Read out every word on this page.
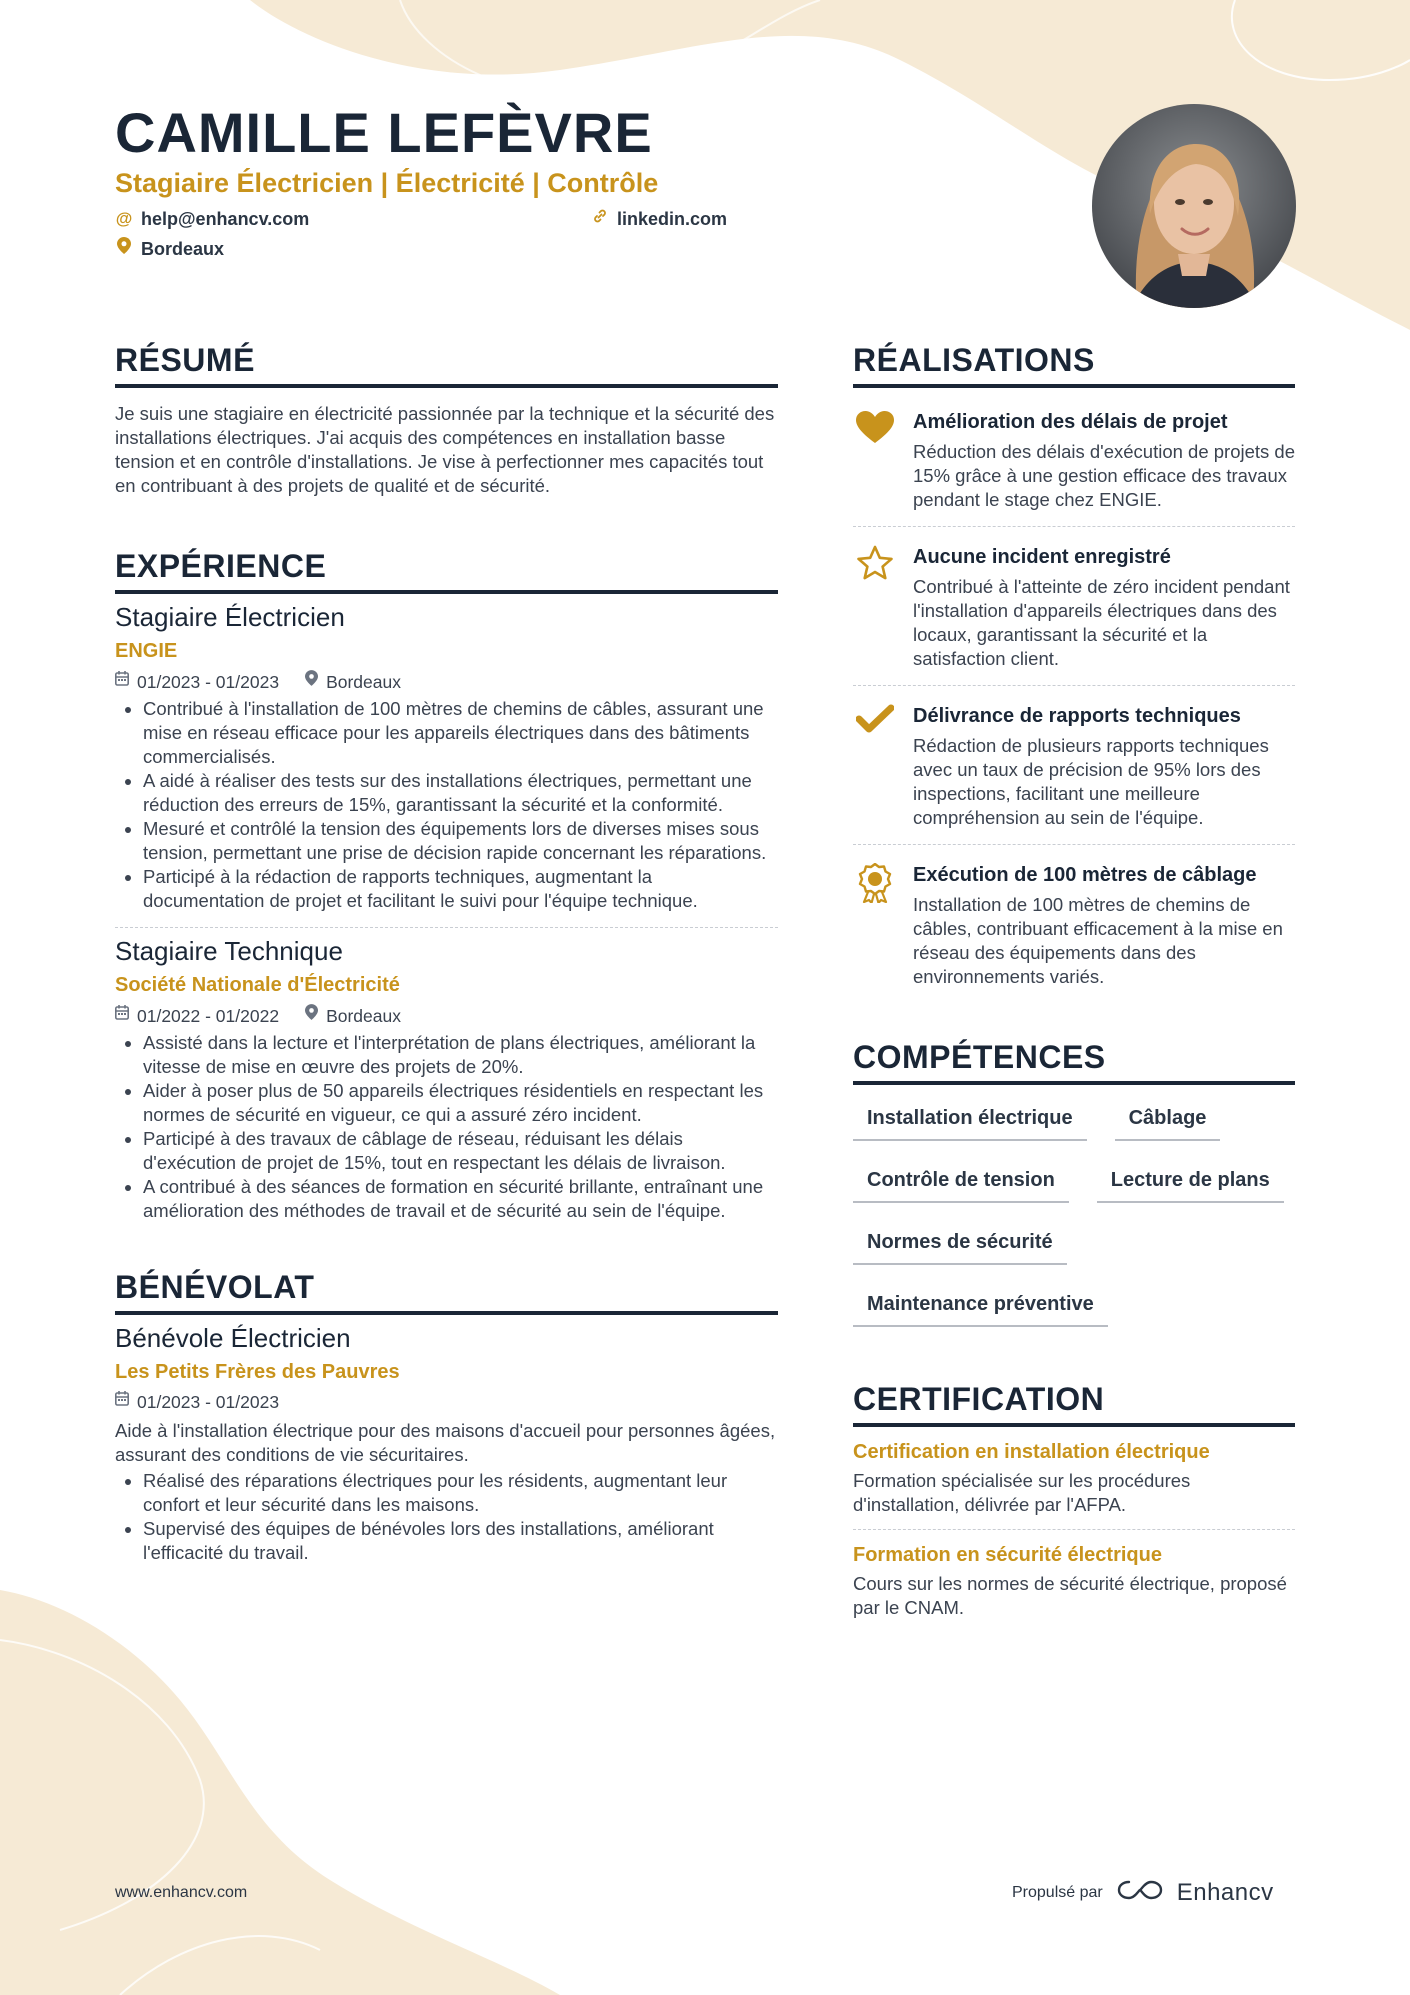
CAMILLE LEFÈVRE
Stagiaire Électricien | Électricité | Contrôle
@ help@enhancv.com	linkedin.com
Bordeaux
RÉSUMÉ

Je suis une stagiaire en électricité passionnée par la technique et la sécurité des installations électriques. J'ai acquis des compétences en installation basse tension et en contrôle d'installations. Je vise à perfectionner mes capacités tout en contribuant à des projets de qualité et de sécurité.

EXPÉRIENCE
Stagiaire Électricien
ENGIE
01/2023 - 01/2023	Bordeaux
• Contribué à l'installation de 100 mètres de chemins de câbles, assurant une mise en réseau efficace pour les appareils électriques dans des bâtiments commercialisés.
• A aidé à réaliser des tests sur des installations électriques, permettant une réduction des erreurs de 15%, garantissant la sécurité et la conformité.
• Mesuré et contrôlé la tension des équipements lors de diverses mises sous tension, permettant une prise de décision rapide concernant les réparations.
• Participé à la rédaction de rapports techniques, augmentant la documentation de projet et facilitant le suivi pour l'équipe technique.
Stagiaire Technique
Société Nationale d'Électricité
01/2022 - 01/2022	Bordeaux
• Assisté dans la lecture et l'interprétation de plans électriques, améliorant la vitesse de mise en œuvre des projets de 20%.
• Aider à poser plus de 50 appareils électriques résidentiels en respectant les normes de sécurité en vigueur, ce qui a assuré zéro incident.
• Participé à des travaux de câblage de réseau, réduisant les délais d'exécution de projet de 15%, tout en respectant les délais de livraison.
• A contribué à des séances de formation en sécurité brillante, entraînant une amélioration des méthodes de travail et de sécurité au sein de l'équipe.
BÉNÉVOLAT
Bénévole Électricien
Les Petits Frères des Pauvres
01/2023 - 01/2023

Aide à l'installation électrique pour des maisons d'accueil pour personnes âgées, assurant des conditions de vie sécuritaires.

• Réalisé des réparations électriques pour les résidents, augmentant leur confort et leur sécurité dans les maisons.
• Supervisé des équipes de bénévoles lors des installations, améliorant l'efficacité du travail.
RÉALISATIONS
Amélioration des délais de projet
Réduction des délais d'exécution de projets de 15% grâce à une gestion efficace des travaux pendant le stage chez ENGIE.
Aucune incident enregistré
Contribué à l'atteinte de zéro incident pendant l'installation d'appareils électriques dans des locaux, garantissant la sécurité et la satisfaction client.
Délivrance de rapports techniques
Rédaction de plusieurs rapports techniques avec un taux de précision de 95% lors des inspections, facilitant une meilleure compréhension au sein de l'équipe.
Exécution de 100 mètres de câblage
Installation de 100 mètres de chemins de câbles, contribuant efficacement à la mise en réseau des équipements dans des environnements variés.
COMPÉTENCES
Installation électrique	Câblage
Contrôle de tension	Lecture de plans
Normes de sécurité
Maintenance préventive
CERTIFICATION
Certification en installation électrique
Formation spécialisée sur les procédures d'installation, délivrée par l'AFPA.
Formation en sécurité électrique
Cours sur les normes de sécurité électrique, proposé par le CNAM.
www.enhancv.com	Propulsé par	Enhancv
